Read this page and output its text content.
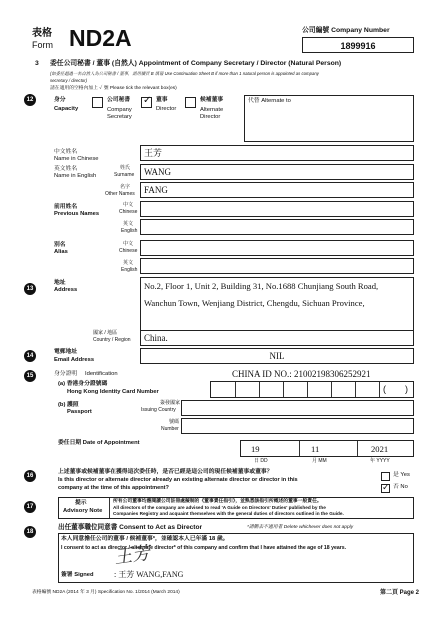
表格
Form ND2A	公司編號 Company Number
1899916
3 委任公司秘書 / 董事 (自然人) Appointment of Company Secretary / Director (Natural Person)
(如委任超過一名自然人為公司秘書 / 董事，請用續頁 B 填報 Use Continuation Sheet B if more than 1 natural person is appointed as company
secretary / director)
請在適用的空格內加上 ✓ 號 Please tick the relevant box(es)
12	身分
Capacity
公司秘書
Company Secretary
✓ 董事
Director
候補董事
Alternate Director
代替 Alternate to
中文姓名
Name in Chinese
王芳
英文姓名
Name in English
姓氏
Surname WANG
名字
Other Names FANG
前用姓名
Previous Names
中文
Chinese
英文
English
別名
Alias
中文
Chinese
英文
English
13
地址
Address	No.2, Floor 1, Unit 2, Building 31, No.1688 Chunjiang South Road,
Wanchun Town, Wenjiang District, Chengdu, Sichuan Province,
國家 / 地區
Country / Region China.
14
電郵地址
Email Address	NIL
15	身分證明 Identification	CHINA ID NO.: 21002198306252921
(a) 香港身分證號碼
Hong Kong Identity Card Number	( )
(b) 護照
Passport
簽發國家
Issuing Country
號碼
Number
委任日期 Date of Appointment
19	11	2021
日 DD	月 MM	年 YYYY
16
上述董事或候補董事在獲得這次委任時，是否已經是這公司的現任候補董事或董事？
Is this director or alternate director already an existing alternate director or director in this
company at the time of this appointment?
是 Yes
✓ 否 No
17
提示
Advisory Note
所有公司董事均應閱讀公司註冊處擬制的《董事責任指引》，並熟悉該指引所概述的董事一般責任。
All directors of the company are advised to read 'A Guide on Directors' Duties' published by the
Companies Registry and acquaint themselves with the general duties of directors outlined in the Guide.
18
出任董事職位同意書 Consent to Act as Director	*請刪去不適用者 Delete whichever does not apply
本人同意擔任公司的董事 / 候補董事*，並確認本人已年滿 18 歲。
I consent to act as director / alternate director* of this company and confirm that I have attained the age of 18 years.
簽署 Signed	: 王芳 WANG,FANG
王芳
表格編號 ND2A (2014 年 3 月) Specification No. 1/2014 (March 2014)	第二頁 Page 2
